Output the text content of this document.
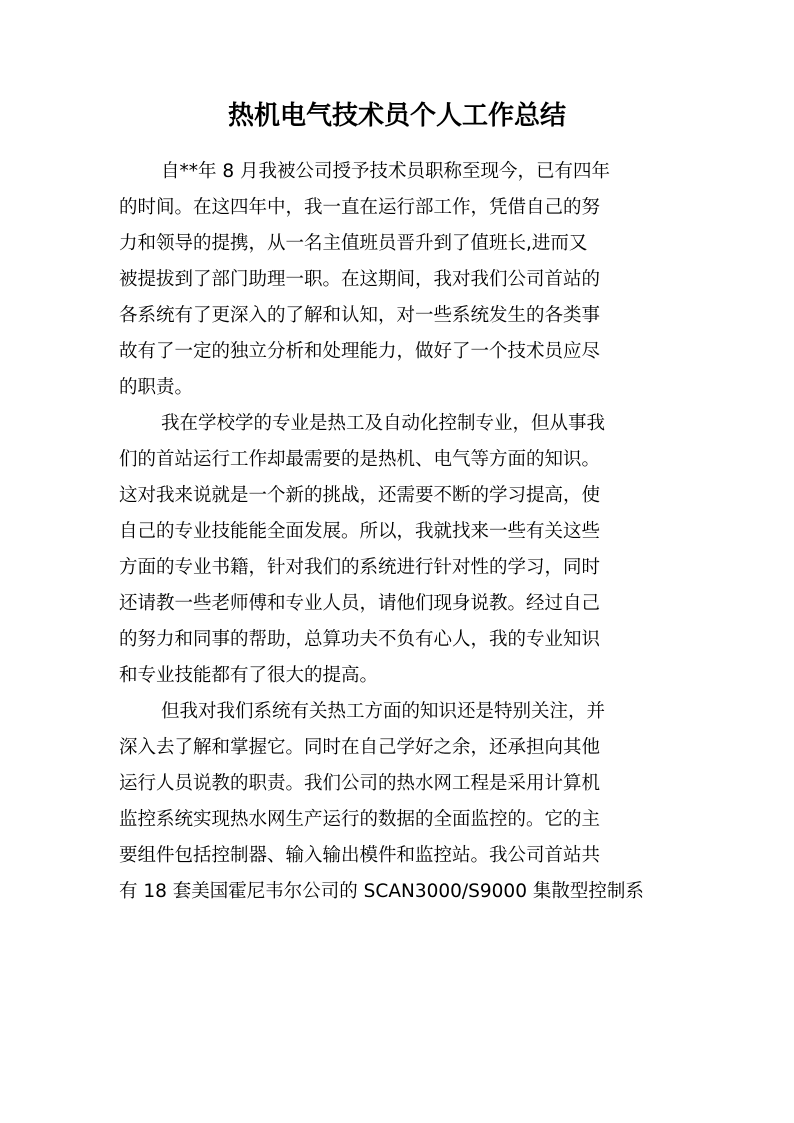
热机电气技术员个人工作总结
自**年 8 月我被公司授予技术员职称至现今，已有四年
的时间。在这四年中，我一直在运行部工作，凭借自己的努
力和领导的提携，从一名主值班员晋升到了值班长,进而又
被提拔到了部门助理一职。在这期间，我对我们公司首站的
各系统有了更深入的了解和认知，对一些系统发生的各类事
故有了一定的独立分析和处理能力，做好了一个技术员应尽
的职责。
我在学校学的专业是热工及自动化控制专业，但从事我
们的首站运行工作却最需要的是热机、电气等方面的知识。
这对我来说就是一个新的挑战，还需要不断的学习提高，使
自己的专业技能能全面发展。所以，我就找来一些有关这些
方面的专业书籍，针对我们的系统进行针对性的学习，同时
还请教一些老师傅和专业人员，请他们现身说教。经过自己
的努力和同事的帮助，总算功夫不负有心人，我的专业知识
和专业技能都有了很大的提高。
但我对我们系统有关热工方面的知识还是特别关注，并
深入去了解和掌握它。同时在自己学好之余，还承担向其他
运行人员说教的职责。我们公司的热水网工程是采用计算机
监控系统实现热水网生产运行的数据的全面监控的。它的主
要组件包括控制器、输入输出模件和监控站。我公司首站共
有 18 套美国霍尼韦尔公司的 SCAN3000/S9000 集散型控制系
